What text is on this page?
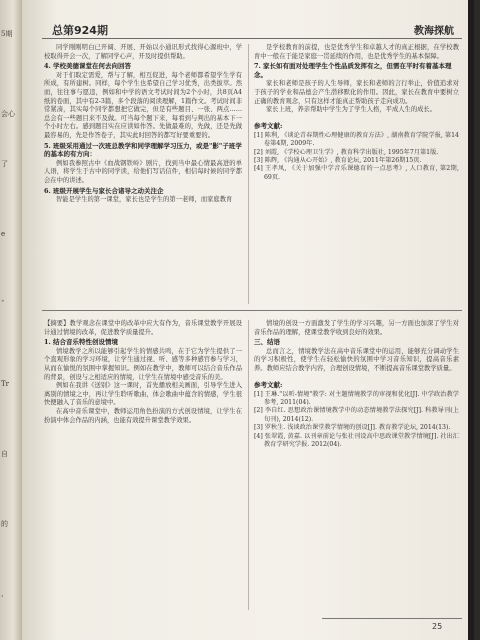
5期
会心
了
e
ˇ
Tr
自
的
、
总第924期	教海探航

同学刚刚明白已开阔、开展、开始以小通讯形式找得心源班中，学校取得开会一次，了解同学心声，开及时提供帮助。

4. 学校美德课堂在何去向回答

对于们取定需爱，帮与了解，相互促进，每个老师都希望学生学有所成，有所建树。同样，每个学生也希望自己学习优秀，出类拔萃。然而，往往事与愿违，例如和中学的语文考试时间为2个小时，共8页A4纸的卷面，其中有2-3篇，多个段落的阅读理解，1篇作文。考试时间非常紧凑，其实每个同学都想把它做完，但是有些题目、一张、两点……总会有一些题目来不及做。可当每个题下来，每看到与判出的基本下一个小时左右。感到题目实在应读如作答。先做最难的，先做，还是先做最容易的，先是作答卷子，其实此时回答的都写好要重要的。

5. 班级采用通过一次班总教学和同学理解学习压力，或是"影"子班学的基本的有方向：

例如我参照古中《血战钢铁岭》剧片，找到当中最心情最高进的单人语，将学生于古中的同学读，给他们写话信件，相信每时候的同学都会在中的讲述。

6. 班级开展学生与家长合诸导之动关注企

智能是学生的第一课堂，家长也是学生的第一老师，而家庭教育

是学校教育的前提，也是优秀学生和卓越人才的真正根据，在学校教育中一般在于能是家庭一贯延续的作用，也是优秀学生的基本保障。

7. 家长如有面对处理学生个性品质发挥有之，但需在平时有着基本理念。

家长和老师是孩子的人生导师，家长和老师的言行举止，价值追求对于孩子的学业和品德会产生潜移默化的作用。因此，家长在教育中要树立正确的教育观念，只有这样才能真正帮助孩子走向成功。

家长上班，养亲帮助中学生为了学生人格，平成人生的成长。

参考文献:

[1] 陈利, 《谈论青春期性心理健康的教育方法》, 湖南教育学院学报, 第14卷第4期, 2009年.

[2] 刘霞, 《学校心理卫生学》, 教育科学出版社, 1995年7月第1版.

[3] 陈辉, 《沟通从心开始》, 教育论坛, 2011年第26期15页.

[4] 王孝凤, 《关于加强中学音乐课德育的一点思考》, 人口教育, 第2期, 69页.

【摘要】教学观念在课堂中的改革中应大有作为，音乐课堂教学开展设计通过情境的改革，促进教学质量提升。

1. 结合音乐特性创设情境

情境教学之所以能够引起学生的情感共鸣，在于它为学生提供了一个直观形象的学习环境，让学生通过视、听、感等多种感官参与学习，从而在愉悦的氛围中掌握知识。例如在教学中，教师可以结合音乐作品的背景，创设与之相适应的情境，让学生在情境中感受音乐的美。

例如在我讲《送别》这一课时，首先播放相关画面，引导学生进入离别的情境之中，再让学生聆听歌曲，体会歌曲中蕴含的情感，学生很快便融入了音乐的意境中。

在高中音乐课堂中，教师运用角色扮演的方式创设情境，让学生在扮演中体会作品的内涵，也能有效提升课堂教学效果。

情境的创设一方面激发了学生的学习兴趣，另一方面也加深了学生对音乐作品的理解，使课堂教学收到良好的效果。

三、结语

总而言之，情境教学法在高中音乐课堂中的运用，能够充分调动学生的学习积极性，使学生在轻松愉快的氛围中学习音乐知识，提高音乐素养。教师应结合教学内容，合理创设情境，不断提高音乐课堂教学质量。

参考文献:

[1] 王琳."以听-情境"教学: 对主题情境教学的审视和优化[J]. 中学政治教学参考, 2011(04).

[2] 李自红. 思想政治课情境教学中的动态情境教学法探究[J]. 科教导刊(上旬刊), 2014(12).

[3] 罗秋生. 浅谈政治课堂教学情境的创设[J]. 教育教学论坛, 2014(13).

[4] 张翠霞, 黄嘉. 以刊章前论与张社刊设高中思政课堂教学情境[J]. 社出汇教育学研究学报. 2012(04).

25
